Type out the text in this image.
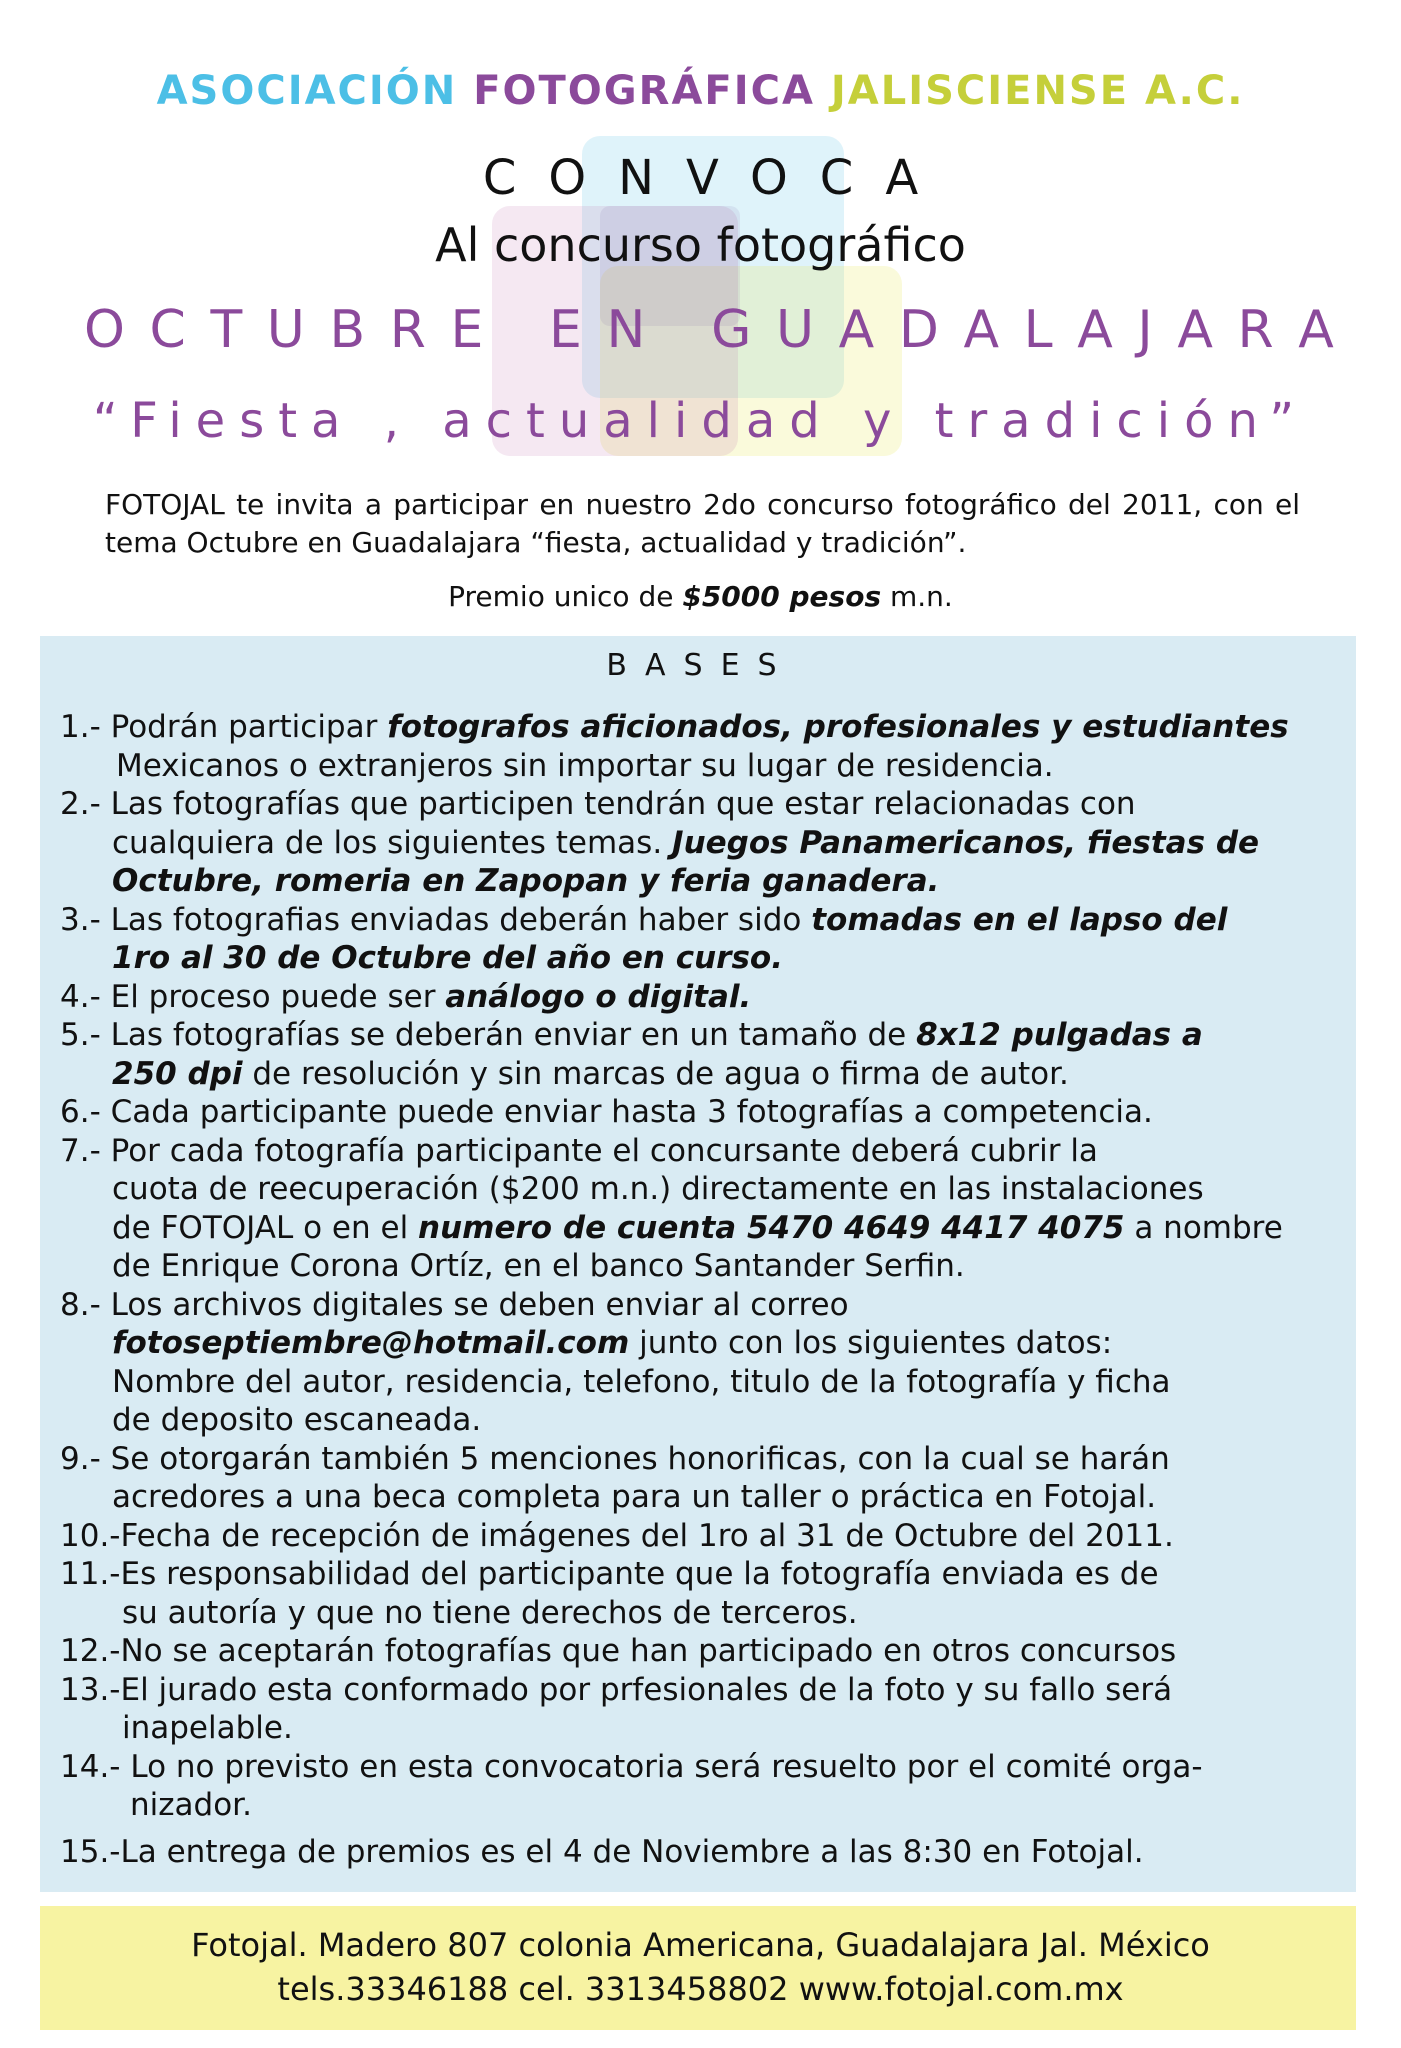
ASOCIACIÓN FOTOGRÁFICA JALISCIENSE A.C.
CONVOCA
Al concurso fotográfico
O C T U B R E
E N
G U A D A L A J A R A
“Fiesta , actualidad y tradición”
FOTOJAL te invita a participar en nuestro 2do concurso fotográfico del 2011, con el tema Octubre en Guadalajara “fiesta, actualidad y tradición”.
Premio unico de $5000 pesos m.n.
BASES
1.- Podrán participar fotografos aficionados, profesionales y estudiantes
Mexicanos o extranjeros sin importar su lugar de residencia.
2.- Las fotografías que participen tendrán que estar relacionadas con
cualquiera de los siguientes temas. Juegos Panamericanos, fiestas de
Octubre, romeria en Zapopan y feria ganadera.
3.- Las fotografias enviadas deberán haber sido tomadas en el lapso del
1ro al 30 de Octubre del año en curso.
4.- El proceso puede ser análogo o digital.
5.- Las fotografías se deberán enviar en un tamaño de 8x12 pulgadas a
250 dpi de resolución y sin marcas de agua o firma de autor.
6.- Cada participante puede enviar hasta 3 fotografías a competencia.
7.- Por cada fotografía participante el concursante deberá cubrir la
cuota de reecuperación ($200 m.n.) directamente en las instalaciones
de FOTOJAL o en el numero de cuenta 5470 4649 4417 4075 a nombre
de Enrique Corona Ortíz, en el banco Santander Serfin.
8.- Los archivos digitales se deben enviar al correo
fotoseptiembre@hotmail.com junto con los siguientes datos:
Nombre del autor, residencia, telefono, titulo de la fotografía y ficha
de deposito escaneada.
9.- Se otorgarán también 5 menciones honorificas, con la cual se harán
acredores a una beca completa para un taller o práctica en Fotojal.
10.-Fecha de recepción de imágenes del 1ro al 31 de Octubre del 2011.
11.-Es responsabilidad del participante que la fotografía enviada es de
su autoría y que no tiene derechos de terceros.
12.-No se aceptarán fotografías que han participado en otros concursos
13.-El jurado esta conformado por prfesionales de la foto y su fallo será
inapelable.
14.- Lo no previsto en esta convocatoria será resuelto por el comité orga-
nizador.
15.-La entrega de premios es el 4 de Noviembre a las 8:30 en Fotojal.
Fotojal. Madero 807 colonia Americana, Guadalajara Jal. México
tels.33346188 cel. 3313458802 www.fotojal.com.mx
